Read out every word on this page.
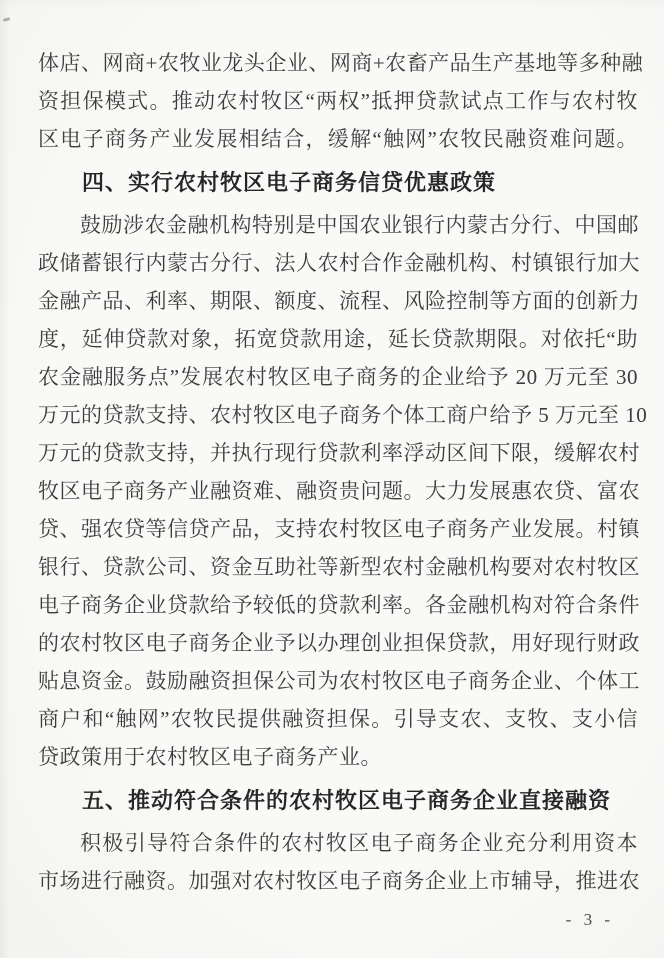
体店、网商+农牧业龙头企业、网商+农畜产品生产基地等多种融
资担保模式。推动农村牧区“两权”抵押贷款试点工作与农村牧
区电子商务产业发展相结合，缓解“触网”农牧民融资难问题。
四、实行农村牧区电子商务信贷优惠政策
鼓励涉农金融机构特别是中国农业银行内蒙古分行、中国邮
政储蓄银行内蒙古分行、法人农村合作金融机构、村镇银行加大
金融产品、利率、期限、额度、流程、风险控制等方面的创新力
度，延伸贷款对象，拓宽贷款用途，延长贷款期限。对依托“助
农金融服务点”发展农村牧区电子商务的企业给予 20 万元至 30
万元的贷款支持、农村牧区电子商务个体工商户给予 5 万元至 10
万元的贷款支持，并执行现行贷款利率浮动区间下限，缓解农村
牧区电子商务产业融资难、融资贵问题。大力发展惠农贷、富农
贷、强农贷等信贷产品，支持农村牧区电子商务产业发展。村镇
银行、贷款公司、资金互助社等新型农村金融机构要对农村牧区
电子商务企业贷款给予较低的贷款利率。各金融机构对符合条件
的农村牧区电子商务企业予以办理创业担保贷款，用好现行财政
贴息资金。鼓励融资担保公司为农村牧区电子商务企业、个体工
商户和“触网”农牧民提供融资担保。引导支农、支牧、支小信
贷政策用于农村牧区电子商务产业。
五、推动符合条件的农村牧区电子商务企业直接融资
积极引导符合条件的农村牧区电子商务企业充分利用资本
市场进行融资。加强对农村牧区电子商务企业上市辅导，推进农
- 3 -
